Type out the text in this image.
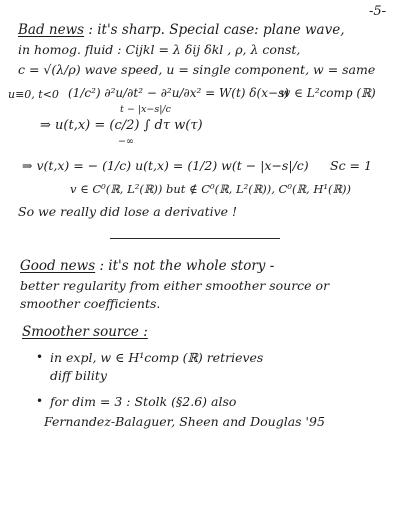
-5-
Bad news : it's sharp. Special case: plane wave,
in homog. fluid : Cijkl = λ δij δkl , ρ, λ const,
c = √(λ/ρ) wave speed, u = single component, w = same
u≡0, t<0 (1/c²) ∂²u/∂t² − ∂²u/∂x² = W(t) δ(x−s)
w ∈ L²comp (ℝ)
t − |x−s|/c
⇒ u(t,x) = (c/2) ∫ dτ w(τ)
−∞
⇒ v(t,x) = − (1/c) u(t,x) = (1/2) w(t − |x−s|/c) Sc = 1
v ∈ C⁰(ℝ, L²(ℝ)) but ∉ C⁰(ℝ, L²(ℝ)), C⁰(ℝ, H¹(ℝ))
So we really did lose a derivative !
Good news : it's not the whole story -
better regularity from either smoother source or
smoother coefficients.
Smoother source :
• in expl, w ∈ H¹comp (ℝ) retrieves
diff bility
• for dim = 3 : Stolk (§2.6) also
Fernandez-Balaguer, Sheen and Douglas '95
